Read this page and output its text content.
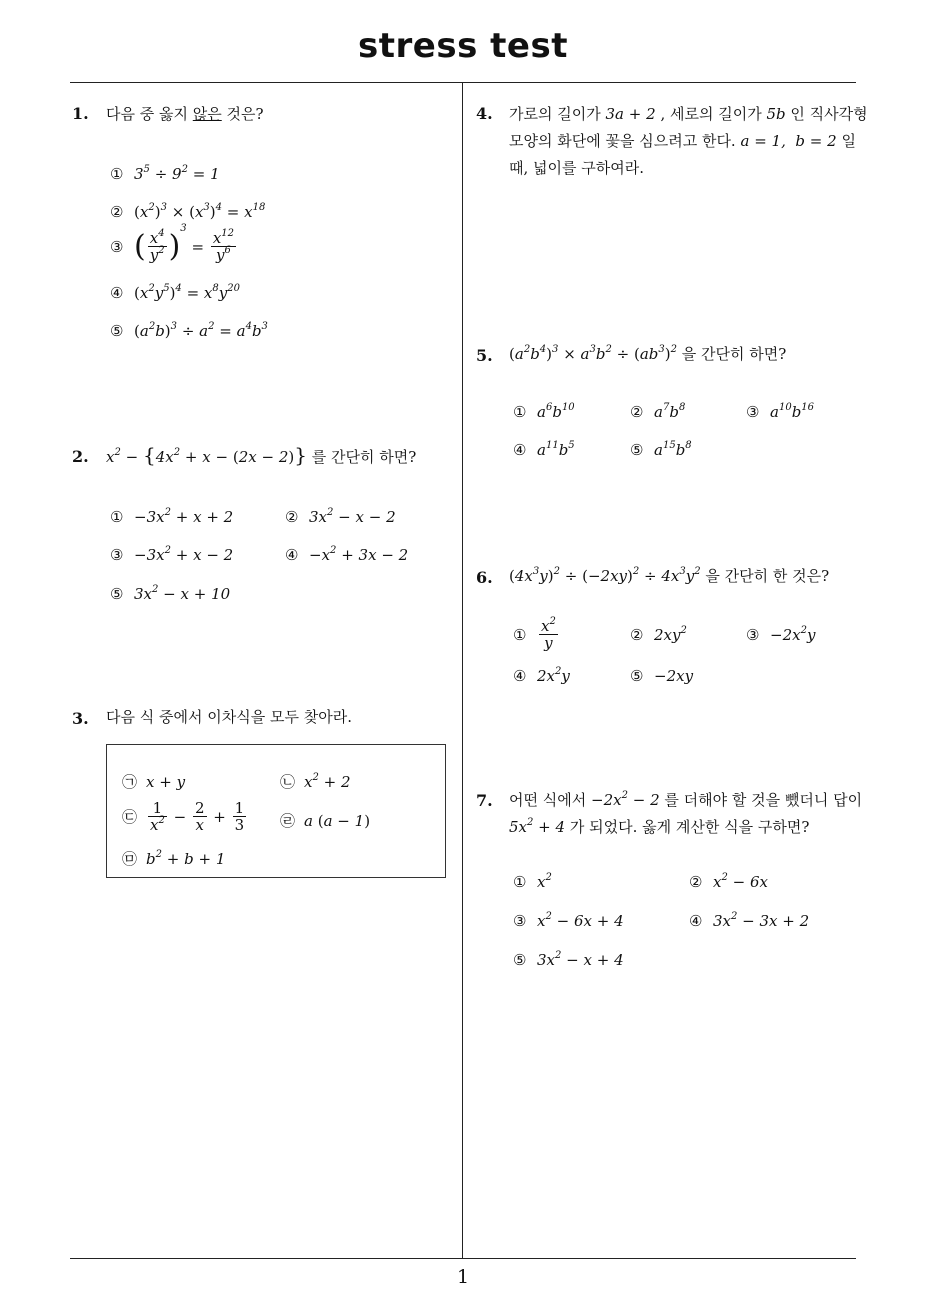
stress test
1
1. 다음 중 옳지 않은 것은?
① $3^5 \div 9^2 = 1$
② $(x^2)^3 \times (x^3)^4 = x^{18}$
③ ( $\frac{x^4}{y^2} )^3 = \frac{x^{12}}{y^6}$
④ $(x^2y^5)^4 = x^8y^{20}$
⑤ $(a^2b)^3 \div a^2 = a^4b^3$
2. $x^2 - \{4x^2 + x - (2x - 2)\}$ 를 간단히 하면?
① $-3x^2 + x + 2$	② $3x^2 - x - 2$
③ $-3x^2 + x - 2$	④ $-x^2 + 3x - 2$
⑤ $3x^2 - x + 10$
3. 다음 식 중에서 이차식을 모두 찾아라.
㉠ x + y	㉡ $x^2 + 2$
㉢ $\frac{1}{x^2} - \frac{2}{x} + \frac{1}{3}$ ㉣ a (a − 1)
㉤ $b^2 + b + 1$
4. 가로의 길이가 3a + 2 , 세로의 길이가 5b 인 직사각형
모양의 화단에 꽃을 심으려고 한다. a = 1,  b = 2 일
때, 넓이를 구하여라.
5. $(a^2b^4)^3 \times a^3b^2 \div (ab^3)^2$ 을 간단히 하면?
① $a^6b^{10}$	② $a^7b^8$	③ $a^{10}b^{16}$
④ $a^{11}b^5$	⑤ $a^{15}b^8$
6. $(4x^3y)^2 \div (-2xy)^2 \div 4x^3y^2$ 을 간단히 한 것은?
① $\frac{x^2}{y}$	② $2xy^2$	③ $-2x^2y$
④ $2x^2y$	⑤ −2xy
7. 어떤 식에서 $-2x^2 - 2$ 를 더해야 할 것을 뺐더니 답이
$5x^2 + 4$ 가 되었다. 옳게 계산한 식을 구하면?
① $x^2$	② $x^2 - 6x$
③ $x^2 - 6x + 4$	④ $3x^2 - 3x + 2$
⑤ $3x^2 - x + 4$
